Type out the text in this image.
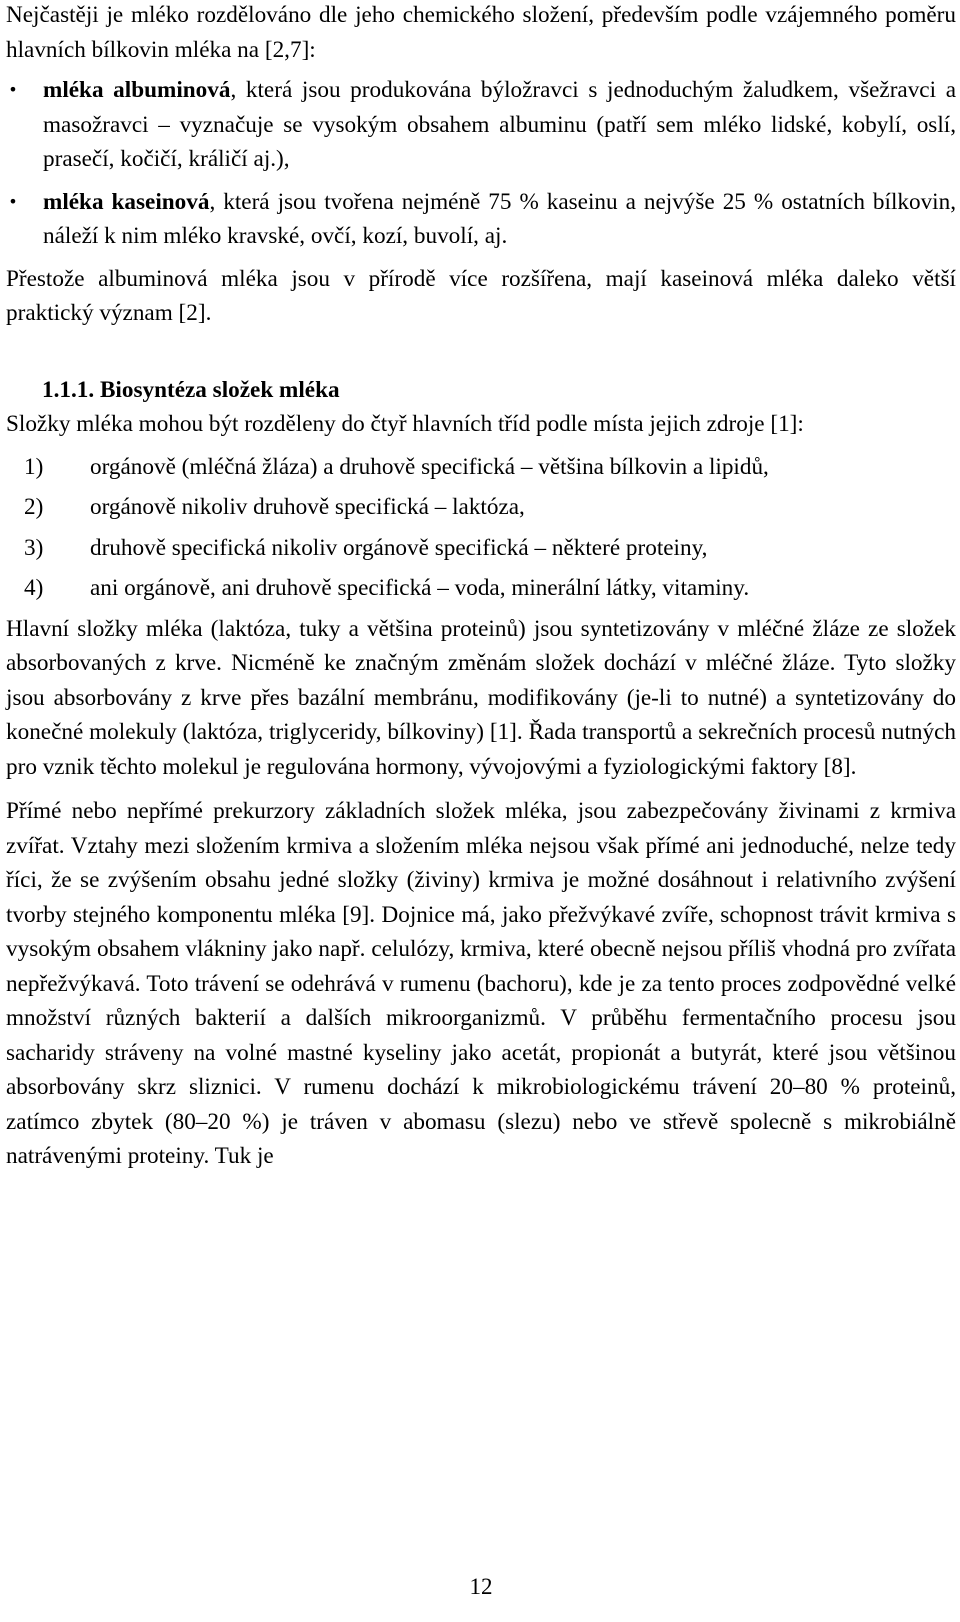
Nejčastěji je mléko rozdělováno dle jeho chemického složení, především podle vzájemného poměru hlavních bílkovin mléka na [2,7]:

• mléka albuminová, která jsou produkována býložravci s jednoduchým žaludkem, všežravci a masožravci – vyznačuje se vysokým obsahem albuminu (patří sem mléko lidské, kobylí, oslí, prasečí, kočičí, králičí aj.),
• mléka kaseinová, která jsou tvořena nejméně 75 % kaseinu a nejvýše 25 % ostatních bílkovin, náleží k nim mléko kravské, ovčí, kozí, buvolí, aj.

Přestože albuminová mléka jsou v přírodě více rozšířena, mají kaseinová mléka daleko větší praktický význam [2].

1.1.1. Biosyntéza složek mléka

Složky mléka mohou být rozděleny do čtyř hlavních tříd podle místa jejich zdroje [1]:

1) orgánově (mléčná žláza) a druhově specifická – většina bílkovin a lipidů,
2) orgánově nikoliv druhově specifická – laktóza,
3) druhově specifická nikoliv orgánově specifická – některé proteiny,
4) ani orgánově, ani druhově specifická – voda, minerální látky, vitaminy.

Hlavní složky mléka (laktóza, tuky a většina proteinů) jsou syntetizovány v mléčné žláze ze složek absorbovaných z krve. Nicméně ke značným změnám složek dochází v mléčné žláze. Tyto složky jsou absorbovány z krve přes bazální membránu, modifikovány (je-li to nutné) a syntetizovány do konečné molekuly (laktóza, triglyceridy, bílkoviny) [1]. Řada transportů a sekrečních procesů nutných pro vznik těchto molekul je regulována hormony, vývojovými a fyziologickými faktory [8].

Přímé nebo nepřímé prekurzory základních složek mléka, jsou zabezpečovány živinami z krmiva zvířat. Vztahy mezi složením krmiva a složením mléka nejsou však přímé ani jednoduché, nelze tedy říci, že se zvýšením obsahu jedné složky (živiny) krmiva je možné dosáhnout i relativního zvýšení tvorby stejného komponentu mléka [9]. Dojnice má, jako přežvýkavé zvíře, schopnost trávit krmiva s vysokým obsahem vlákniny jako např. celulózy, krmiva, které obecně nejsou příliš vhodná pro zvířata nepřežvýkavá. Toto trávení se odehrává v rumenu (bachoru), kde je za tento proces zodpovědné velké množství různých bakterií a dalších mikroorganizmů. V průběhu fermentačního procesu jsou sacharidy stráveny na volné mastné kyseliny jako acetát, propionát a butyrát, které jsou většinou absorbovány skrz sliznici. V rumenu dochází k mikrobiologickému trávení 20–80 % proteinů, zatímco zbytek (80–20 %) je tráven v abomasu (slezu) nebo ve střevě spolecně s mikrobiálně natrávenými proteiny. Tuk je

12
